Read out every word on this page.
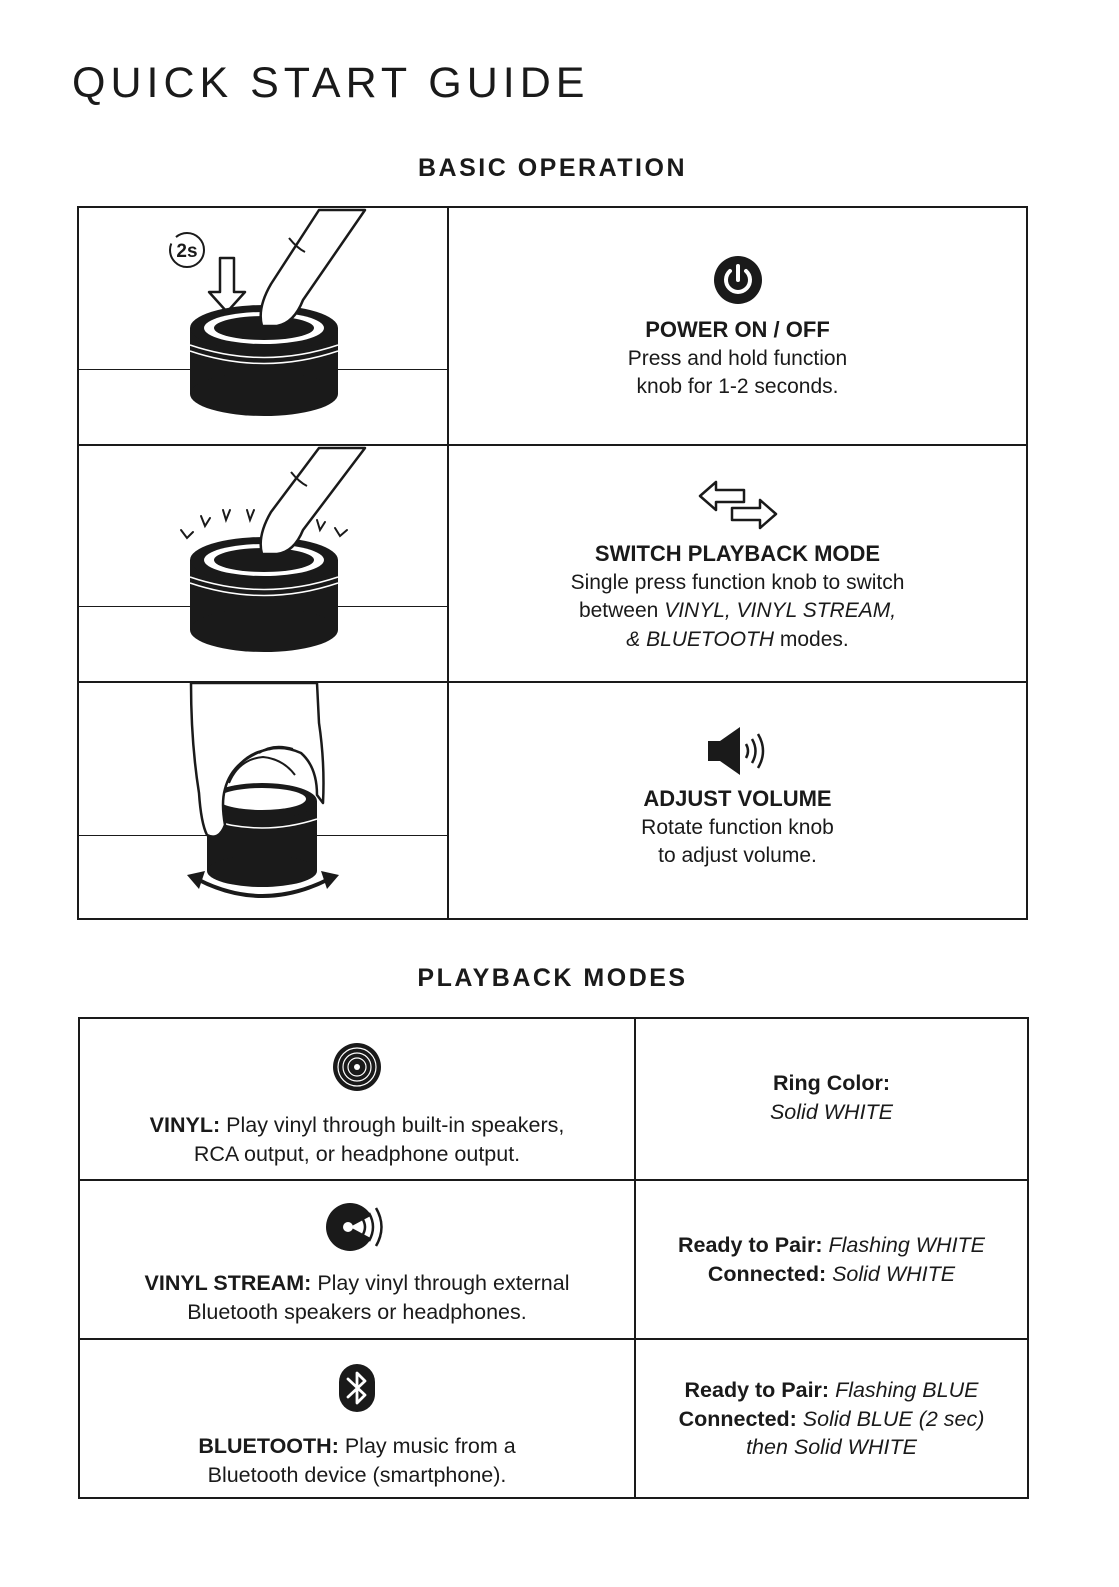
QUICK START GUIDE
BASIC OPERATION
2s
POWER ON / OFF
Press and hold function
knob for 1-2 seconds.
SWITCH PLAYBACK MODE
Single press function knob to switch
between VINYL, VINYL STREAM,
& BLUETOOTH modes.
ADJUST VOLUME
Rotate function knob
to adjust volume.
PLAYBACK MODES
VINYL: Play vinyl through built-in speakers,
RCA output, or headphone output.
Ring Color:
Solid WHITE
VINYL STREAM: Play vinyl through external
Bluetooth speakers or headphones.
Ready to Pair: Flashing WHITE
Connected: Solid WHITE
BLUETOOTH: Play music from a
Bluetooth device (smartphone).
Ready to Pair: Flashing BLUE
Connected: Solid BLUE (2 sec)
then Solid WHITE
